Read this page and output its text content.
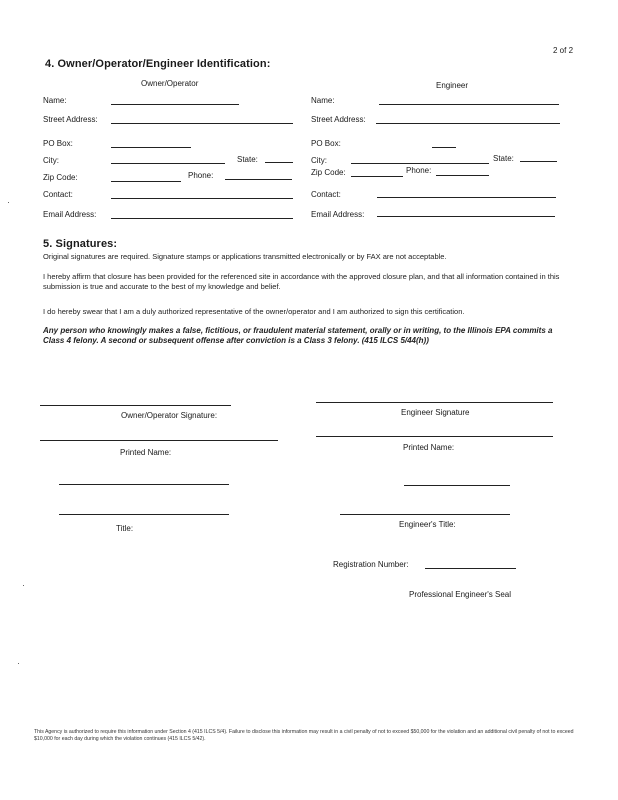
2 of 2
4. Owner/Operator/Engineer Identification:
Owner/Operator	Engineer
Name:
Street Address:
PO Box:
City:	State:
Zip Code:	Phone:
Contact:
Email Address:
Name:
Street Address:
PO Box:
City:	State:
Zip Code:	Phone:
Contact:
Email Address:
5. Signatures:
Original signatures are required. Signature stamps or applications transmitted electronically or by FAX are not acceptable.
I hereby affirm that closure has been provided for the referenced site in accordance with the approved closure plan, and that all information contained in this submission is true and accurate to the best of my knowledge and belief.
I do hereby swear that I am a duly authorized representative of the owner/operator and I am authorized to sign this certification.
Any person who knowingly makes a false, fictitious, or fraudulent material statement, orally or in writing, to the Illinois EPA commits a Class 4 felony. A second or subsequent offense after conviction is a Class 3 felony. (415 ILCS 5/44(h))
Owner/Operator Signature:
Printed Name:
Title:
Engineer Signature
Printed Name:
Engineer's Title:
Registration Number:
Professional Engineer's Seal
This Agency is authorized to require this information under Section 4 (415 ILCS 5/4). Failure to disclose this information may result in a civil penalty of not to exceed $50,000 for the violation and an additional civil penalty of not to exceed $10,000 for each day during which the violation continues (415 ILCS 5/42).
